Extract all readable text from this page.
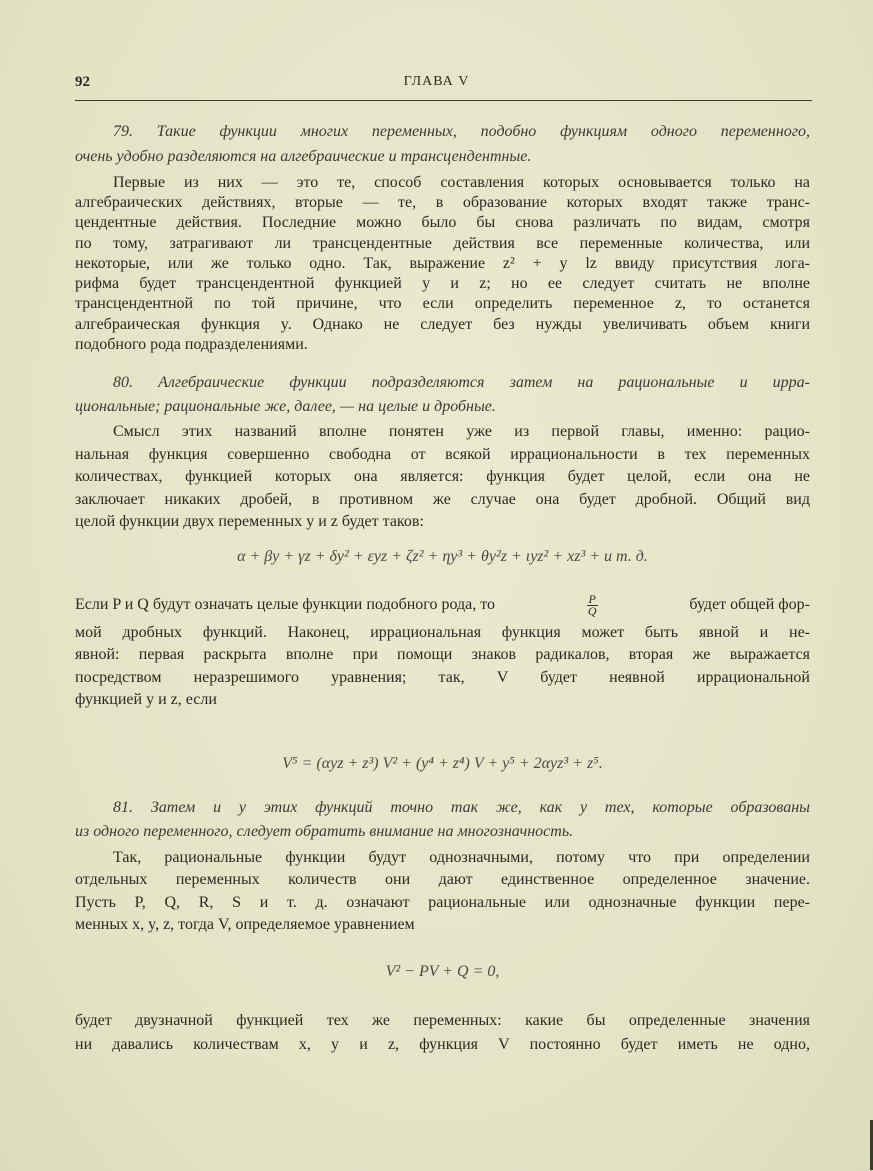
92	ГЛАВА V
79. Такие функции многих переменных, подобно функциям одного переменного,
очень удобно разделяются на алгебраические и трансцендентные.
Первые из них — это те, способ составления которых основывается только на
алгебраических действиях, вторые — те, в образование которых входят также транс-
цендентные действия. Последние можно было бы снова различать по видам, смотря
по тому, затрагивают ли трансцендентные действия все переменные количества, или
некоторые, или же только одно. Так, выражение z² + y lz ввиду присутствия лога-
рифма будет трансцендентной функцией y и z; но ее следует считать не вполне
трансцендентной по той причине, что если определить переменное z, то останется
алгебраическая функция y. Однако не следует без нужды увеличивать объем книги
подобного рода подразделениями.
80. Алгебраические функции подразделяются затем на рациональные и ирра-
циональные; рациональные же, далее, — на целые и дробные.
Смысл этих названий вполне понятен уже из первой главы, именно: рацио-
нальная функция совершенно свободна от всякой иррациональности в тех переменных
количествах, функцией которых она является: функция будет целой, если она не
заключает никаких дробей, в противном же случае она будет дробной. Общий вид
целой функции двух переменных y и z будет таков:
α + βy + γz + δy² + εyz + ζz² + ηy³ + θy²z + ιyz² + xz³ + и т. д.
Если P и Q будут означать целые функции подобного рода, то	$\frac{P}{Q}$	будет общей фор-
мой дробных функций. Наконец, иррациональная функция может быть явной и не-
явной: первая раскрыта вполне при помощи знаков радикалов, вторая же выражается
посредством неразрешимого уравнения; так, V будет неявной иррациональной
функцией y и z, если
V⁵ = (αyz + z³) V² + (y⁴ + z⁴) V + y⁵ + 2αyz³ + z⁵.
81. Затем и у этих функций точно так же, как у тех, которые образованы
из одного переменного, следует обратить внимание на многозначность.
Так, рациональные функции будут однозначными, потому что при определении
отдельных переменных количеств они дают единственное определенное значение.
Пусть P, Q, R, S и т. д. означают рациональные или однозначные функции пере-
менных x, y, z, тогда V, определяемое уравнением
V² − PV + Q = 0,
будет двузначной функцией тех же переменных: какие бы определенные значения
ни давались количествам x, y и z, функция V постоянно будет иметь не одно,
